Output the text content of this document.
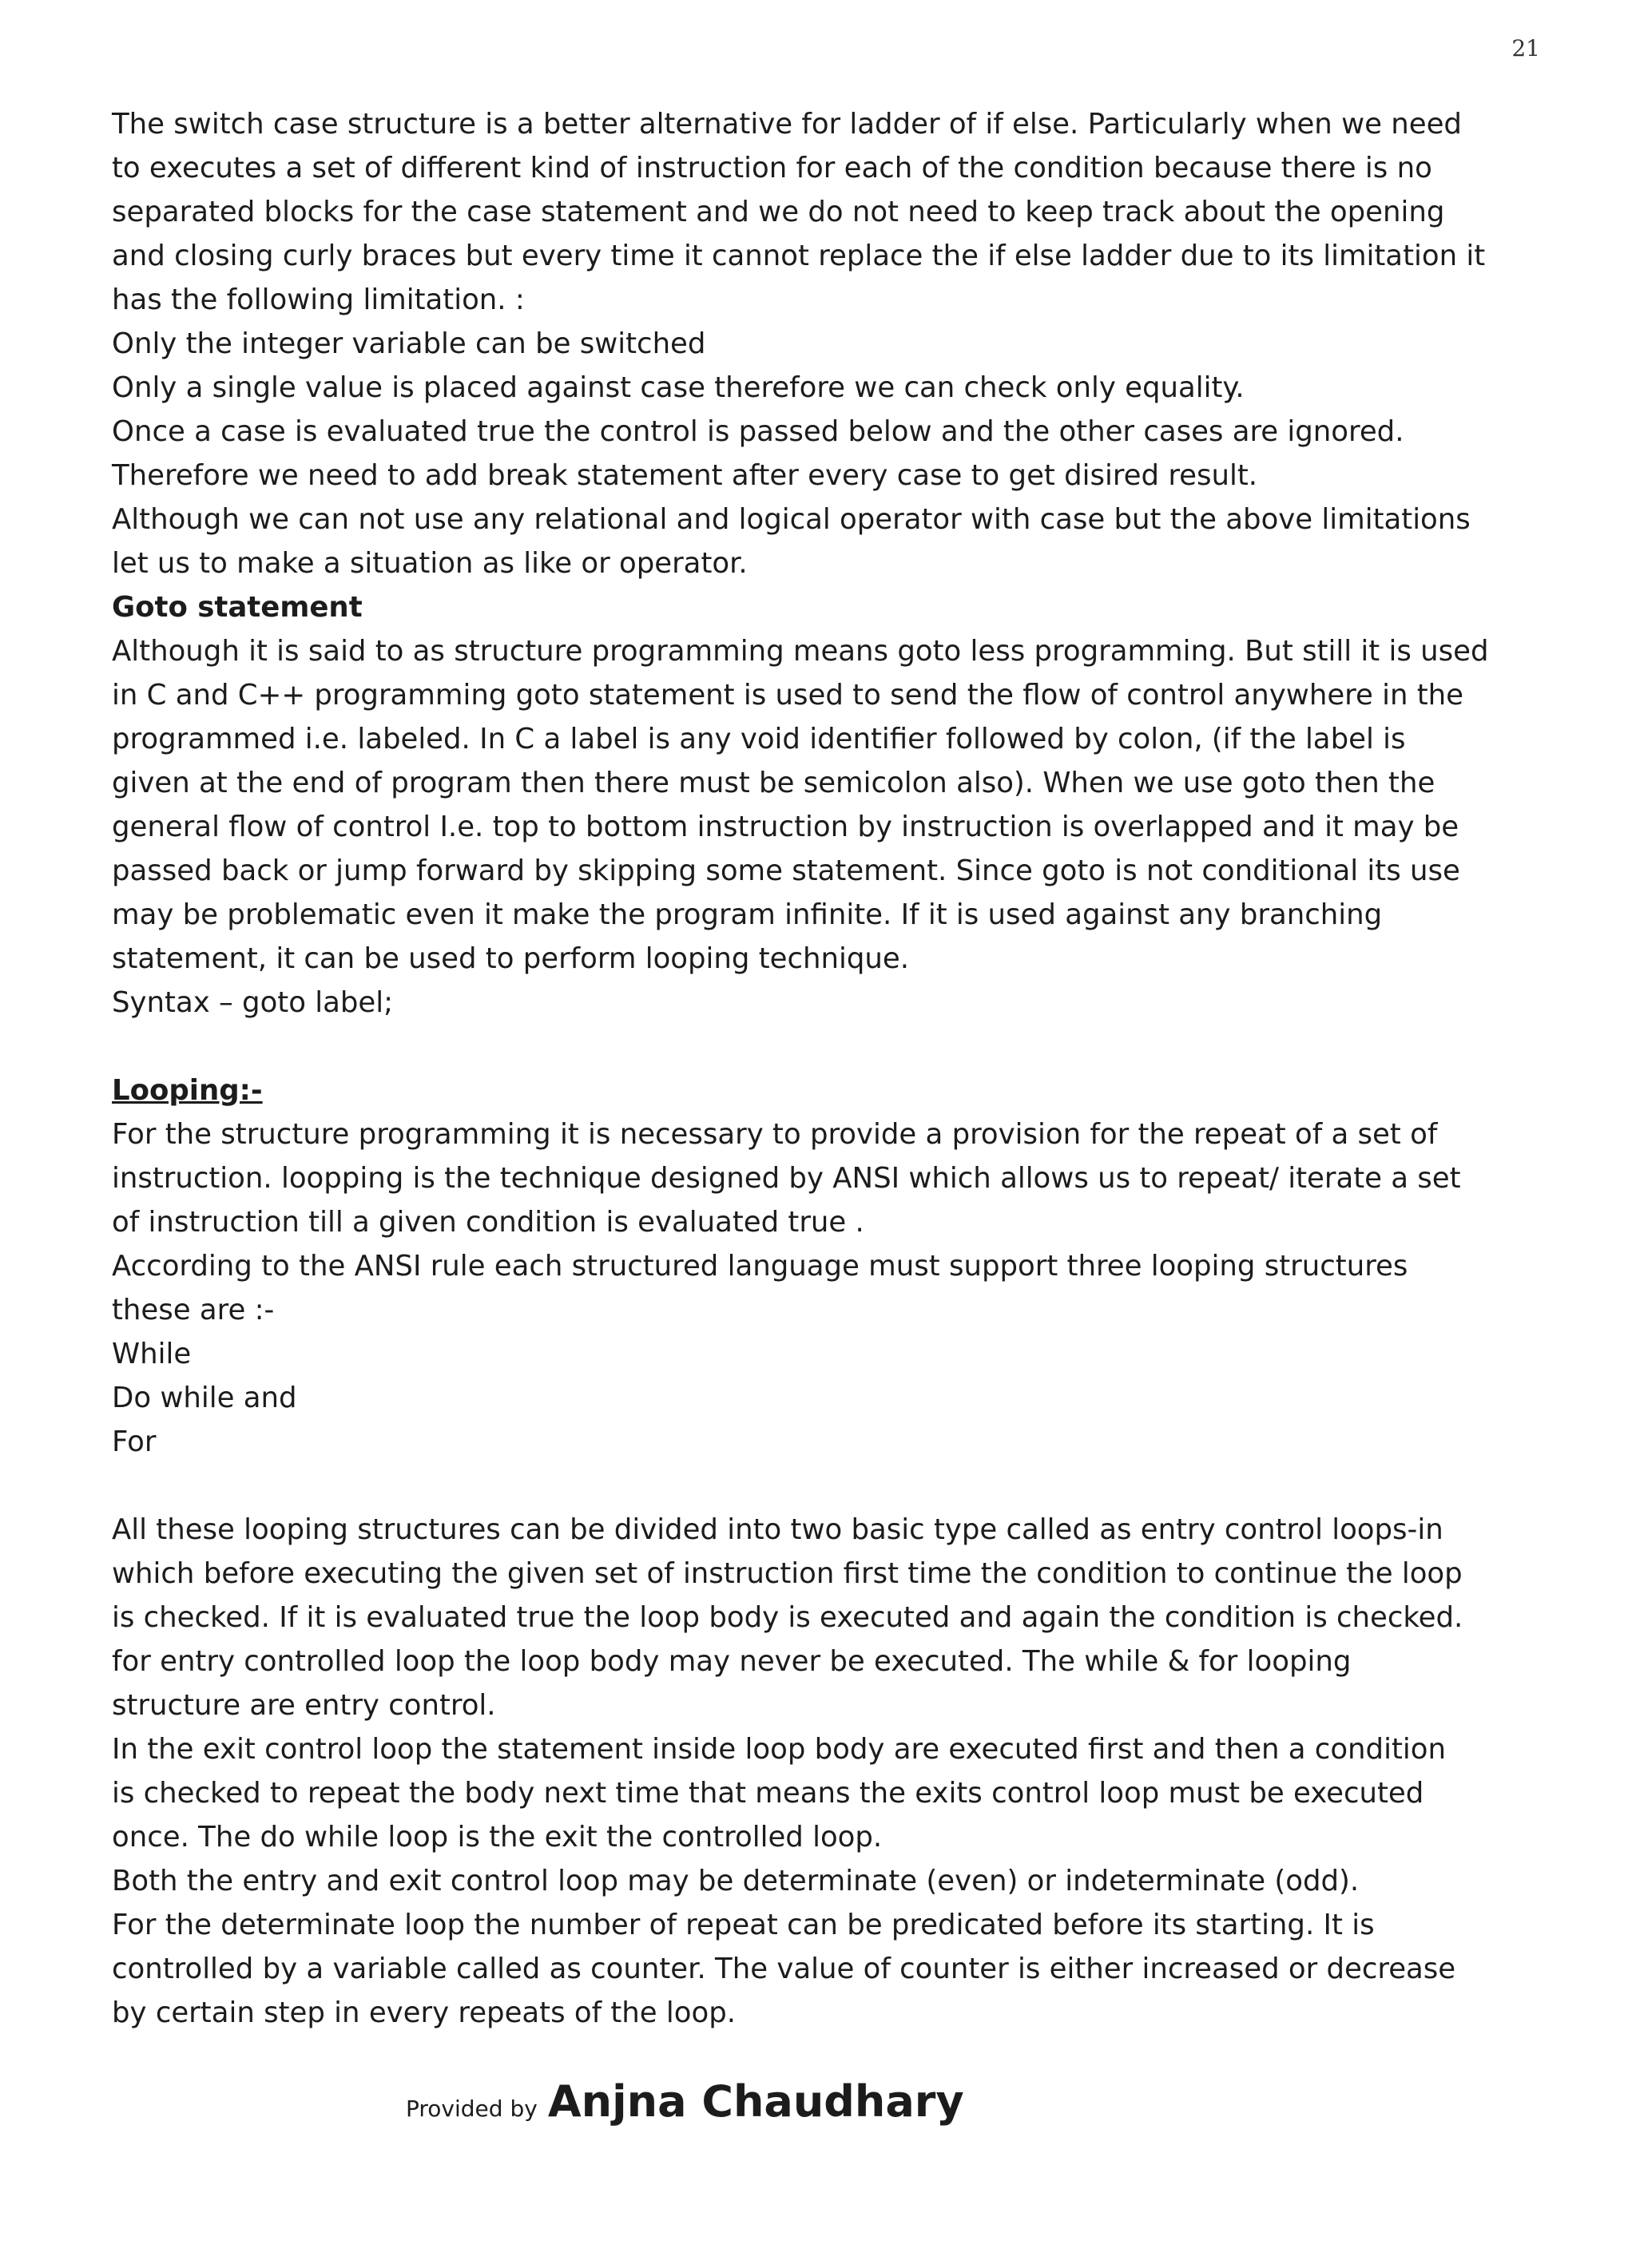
21
The switch case structure is a better alternative for ladder of if else. Particularly when we need
to executes a set of different kind of instruction for each of the condition because there is no
separated blocks for the case statement and we do not need to keep track about the opening
and closing curly braces but every time it cannot replace the if else ladder due to its limitation it
has the following limitation. :
Only the integer variable can be switched
Only a single value is placed against case therefore we can check only equality.
Once a case is evaluated true the control is passed below and the other cases are ignored.
Therefore we need to add break statement after every case to get disired result.
Although we can not use any relational and logical operator with case but the above limitations
let us to make a situation as like or operator.
Goto statement
Although it is said to as structure programming means goto less programming. But still it is used
in C and C++ programming goto statement is used to send the flow of control anywhere in the
programmed i.e. labeled. In C a label is any void identifier followed by colon, (if the label is
given at the end of program then there must be semicolon also). When we use goto then the
general flow of control I.e. top to bottom instruction by instruction is overlapped and it may be
passed back or jump forward by skipping some statement. Since goto is not conditional its use
may be problematic even it make the program infinite. If it is used against any branching
statement, it can be used to perform looping technique.
Syntax – goto label;
Looping:-
For the structure programming it is necessary to provide a provision for the repeat of a set of
instruction. loopping is the technique designed by ANSI which allows us to repeat/ iterate a set
of instruction till a given condition is evaluated true .
According to the ANSI rule each structured language must support three looping structures
these are :-
While
Do while and
For
All these looping structures can be divided into two basic type called as entry control loops-in
which before executing the given set of instruction first time the condition to continue the loop
is checked. If it is evaluated true the loop body is executed and again the condition is checked.
for entry controlled loop the loop body may never be executed. The while & for looping
structure are entry control.
In the exit control loop the statement inside loop body are executed first and then a condition
is checked to repeat the body next time that means the exits control loop must be executed
once. The do while loop is the exit the controlled loop.
Both the entry and exit control loop may be determinate (even) or indeterminate (odd).
For the determinate loop the number of repeat can be predicated before its starting. It is
controlled by a variable called as counter. The value of counter is either increased or decrease
by certain step in every repeats of the loop.
Provided by Anjna Chaudhary
